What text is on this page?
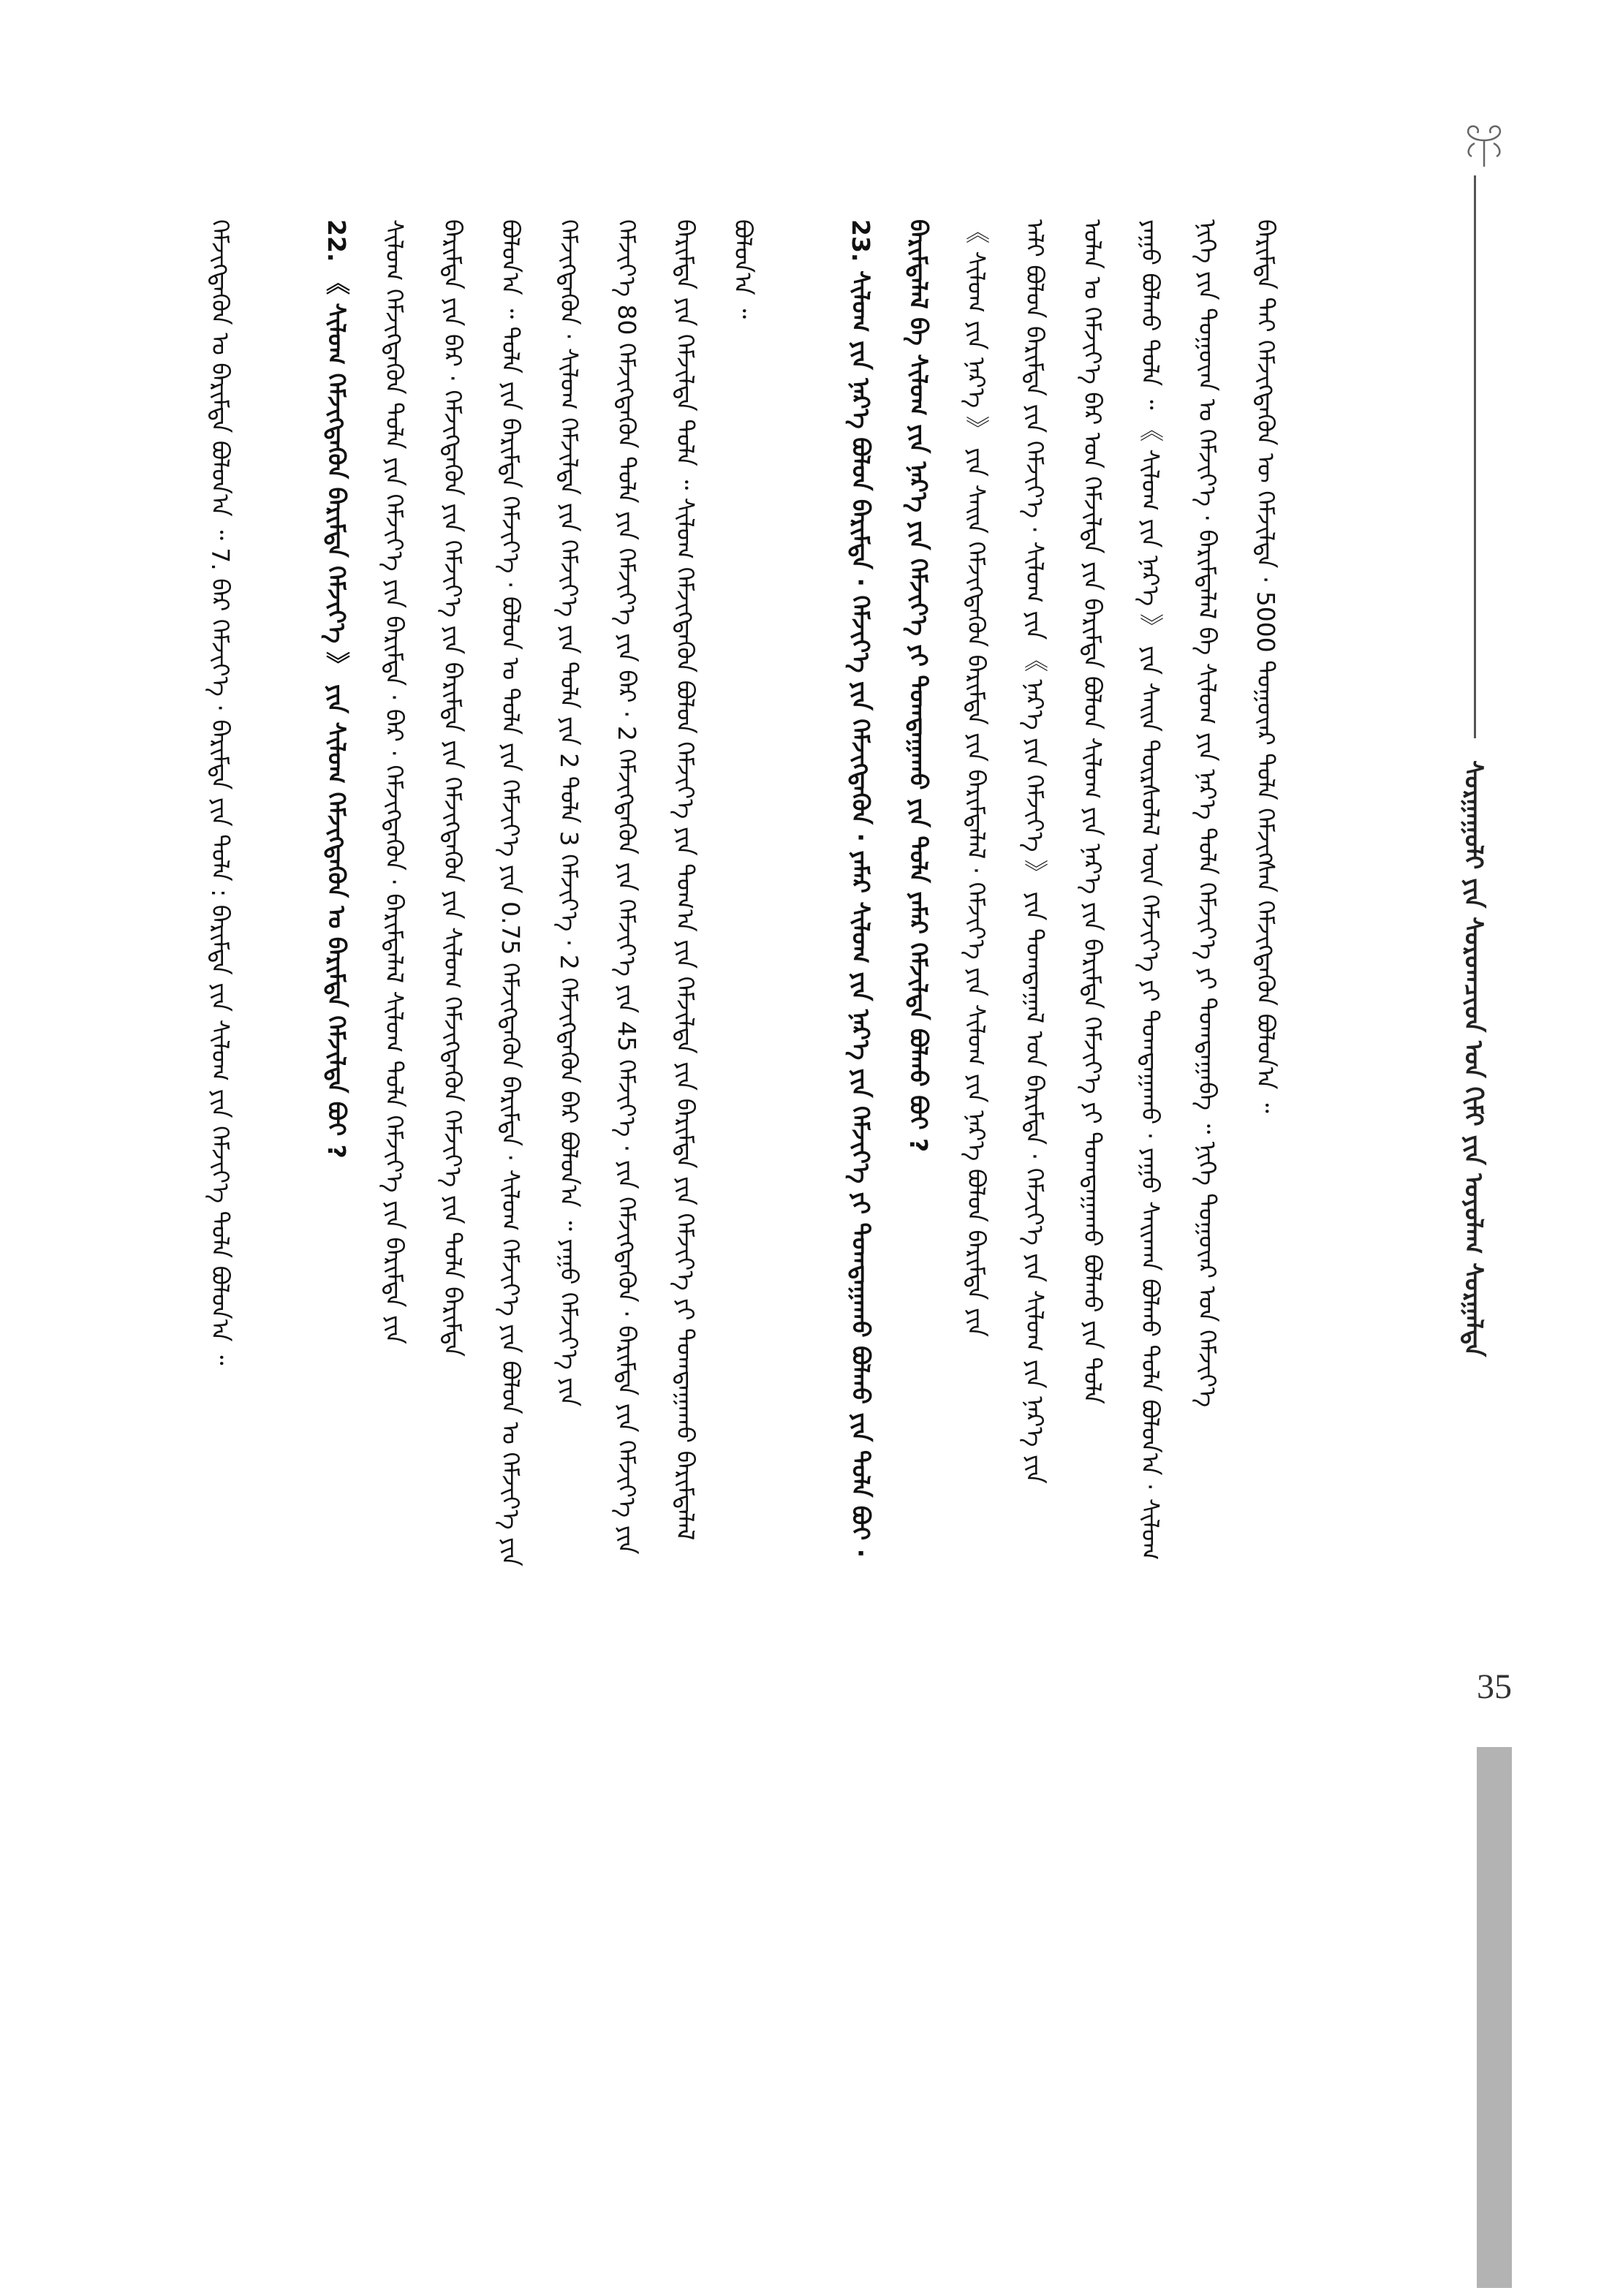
ᠰᠤᠷᠭᠠᠭᠤᠯᠢ ᠶᠢᠨ ᠰᠤᠷᠤᠭᠴᠢᠳ ᠤᠨ ᠬᠢᠮᠢ ᠶᠢᠨ ᠤᠶᠤᠯᠠᠭ ᠰᠤᠷᠭᠠᠯᠲᠠ
ᠪᠠᠷᠢᠮᠲᠠ ᠲᠠᠢ ᠬᠡᠮᠵᠢᠭᠳᠡᠬᠦᠨ ᠦ ᠬᠡᠮᠵᠢᠯᠲᠡ · 5000 ᠳᠤᠭᠤᠶ᠋ᠠᠷ ᠲᠤᠯᠠ ᠬᠡᠮᠵᠢᠭᠰᠡᠨ ᠬᠡᠮᠵᠢᠭᠳᠡᠬᠦᠨ ᠪᠣᠯᠤᠨ᠎ᠠ ᠃
ᠨᠢᠭᠡ ᠶᠢᠨ ᠳᠤᠭᠤᠶ᠋ᠠᠨ ᠤ ᠬᠡᠮᠵᠢᠶ᠎ᠡ · ᠪᠠᠷᠢᠮᠲᠠᠯᠠᠯ ᠪᠠ ᠰᠢᠯᠤᠭ ᠶᠢᠨ ᠨᠡᠷ᠎ᠡ ᠲᠤᠯᠠ ᠬᠡᠮᠵᠢᠶ᠎ᠡ ᠶᠢ ᠲᠣᠭᠲᠠᠭᠠᠪᠠ ᠃ ᠨᠢᠭᠡ ᠳᠤᠭᠤᠶ᠋ᠠᠷ ᠤᠨ ᠬᠡᠮᠵᠢᠶ᠎ᠡ
ᠶᠠᠭᠤ ᠪᠣᠯᠬᠤ ᠲᠤᠯᠠ ᠃ 《 ᠰᠢᠯᠤᠭ ᠶᠢᠨ ᠨᠡᠷ᠎ᠡ 》 ᠶᠢᠨ ᠰᠠᠢᠨ ᠳᠦᠷᠰᠦᠯᠡᠯ ᠦᠨ ᠬᠡᠮᠵᠢᠶ᠎ᠡ ᠶᠢ ᠲᠣᠭᠲᠠᠭᠠᠬᠤ · ᠶᠠᠭᠤ ᠰᠠᠢᠬᠠᠨ ᠪᠣᠯᠬᠤ ᠲᠤᠯᠠ ᠪᠣᠯᠤᠨ᠎ᠠ · ᠰᠢᠯᠤᠭ
ᠣᠯᠠᠨ ᠤ ᠬᠡᠮᠵᠢᠶ᠎ᠡ ᠪᠠᠷ ᠤᠨ ᠬᠡᠮᠵᠢᠯᠲᠡ ᠶᠢᠨ ᠪᠠᠷᠢᠮᠲᠠ ᠪᠣᠯᠤᠨ ᠰᠢᠯᠤᠭ ᠶᠢᠨ ᠨᠡᠷ᠎ᠡ ᠶᠢᠨ ᠪᠠᠷᠢᠮᠲᠠ ᠬᠡᠮᠵᠢᠶ᠎ᠡ ᠶᠢ ᠲᠣᠭᠲᠠᠭᠠᠬᠤ ᠪᠣᠯᠬᠤ ᠶᠢᠨ ᠲᠤᠯᠠ
ᠠᠯᠢ ᠪᠣᠯᠤᠨ ᠪᠠᠷᠢᠮᠲᠠ ᠶᠢᠨ ᠬᠡᠮᠵᠢᠶ᠎ᠡ · ᠰᠢᠯᠤᠭ ᠶᠢᠨ 《 ᠨᠡᠷ᠎ᠡ ᠶᠢᠨ ᠬᠡᠮᠵᠢᠶ᠎ᠡ 》 ᠶᠢᠨ ᠲᠣᠭᠲᠠᠭᠠᠯ ᠤᠨ ᠪᠠᠷᠢᠮᠲᠠ · ᠬᠡᠮᠵᠢᠶ᠎ᠡ ᠶᠢᠨ ᠰᠢᠯᠤᠭ ᠶᠢᠨ ᠨᠡᠷ᠎ᠡ ᠶᠢᠨ
《 ᠰᠢᠯᠤᠭ ᠶᠢᠨ ᠨᠡᠷ᠎ᠡ 》 ᠶᠢᠨ ᠰᠠᠢᠨ ᠬᠡᠮᠵᠢᠭᠳᠡᠬᠦᠨ ᠪᠠᠷᠢᠮᠲᠠ ᠶᠢᠨ ᠪᠠᠷᠢᠮᠲᠠᠯᠠᠯ · ᠬᠡᠮᠵᠢᠶ᠎ᠡ ᠶᠢᠨ ᠰᠢᠯᠤᠭ ᠶᠢᠨ ᠨᠡᠷ᠎ᠡ ᠪᠣᠯᠤᠨ ᠪᠠᠷᠢᠮᠲᠠ ᠶᠢᠨ
ᠪᠠᠷᠢᠮᠲᠠᠯᠠᠯ ᠪᠠ ᠰᠢᠯᠤᠭ ᠶᠢᠨ ᠨᠡᠷ᠎ᠡ ᠶᠢᠨ ᠬᠡᠮᠵᠢᠶ᠎ᠡ ᠶᠢ ᠲᠣᠭᠲᠠᠭᠠᠬᠤ ᠶᠢᠨ ᠲᠤᠯᠠ ᠶᠠᠮᠠᠷ ᠬᠡᠮᠵᠢᠯᠲᠡ ᠪᠣᠯᠬᠤ ᠪᠤᠢ ?
23. ᠰᠢᠯᠤᠭ ᠶᠢᠨ ᠨᠡᠷ᠎ᠡ ᠪᠣᠯᠤᠨ ᠪᠠᠷᠢᠮᠲᠠ · ᠬᠡᠮᠵᠢᠶ᠎ᠡ ᠶᠢᠨ ᠬᠡᠮᠵᠢᠭᠳᠡᠬᠦᠨ · ᠶᠠᠮᠠᠷ ᠰᠢᠯᠤᠭ ᠶᠢᠨ ᠨᠡᠷ᠎ᠡ ᠶᠢᠨ ᠬᠡᠮᠵᠢᠶ᠎ᠡ ᠶᠢ ᠲᠣᠭᠲᠠᠭᠠᠬᠤ ᠪᠣᠯᠬᠤ ᠶᠢᠨ ᠲᠤᠯᠠ ᠪᠤᠢ ·
ᠪᠣᠯᠤᠨ᠎ᠠ ᠃
ᠪᠠᠷᠢᠮᠲᠠ ᠶᠢᠨ ᠬᠡᠮᠵᠢᠯᠲᠡ ᠲᠤᠯᠠ ᠃ ᠰᠢᠯᠤᠭ ᠬᠡᠮᠵᠢᠭᠳᠡᠬᠦᠨ ᠪᠣᠯᠤᠨ ᠬᠡᠮᠵᠢᠶ᠎ᠡ ᠶᠢᠨ ᠲᠣᠭ᠎ᠠ ᠶᠢᠨ ᠬᠡᠮᠵᠢᠯᠲᠡ ᠶᠢᠨ ᠪᠠᠷᠢᠮᠲᠠ ᠶᠢᠨ ᠬᠡᠮᠵᠢᠶ᠎ᠡ ᠶᠢ ᠲᠣᠭᠲᠠᠭᠠᠬᠤ ᠪᠠᠷᠢᠮᠲᠠᠯᠠᠯ
ᠬᠡᠮᠵᠢᠶ᠎ᠡ 80 ᠬᠡᠮᠵᠢᠭᠳᠡᠬᠦᠨ ᠲᠤᠯᠠ ᠶᠢᠨ ᠬᠡᠮᠵᠢᠶ᠎ᠡ ᠶᠢᠨ ᠪᠠᠷ · 2 ᠬᠡᠮᠵᠢᠭᠳᠡᠬᠦᠨ ᠶᠢᠨ ᠬᠡᠮᠵᠢᠶ᠎ᠡ ᠶᠢᠨ 45 ᠬᠡᠮᠵᠢᠶ᠎ᠡ · ᠶᠢᠨ ᠬᠡᠮᠵᠢᠭᠳᠡᠬᠦᠨ · ᠪᠠᠷᠢᠮᠲᠠ ᠶᠢᠨ ᠬᠡᠮᠵᠢᠶ᠎ᠡ ᠶᠢᠨ
ᠬᠡᠮᠵᠢᠭᠳᠡᠬᠦᠨ · ᠰᠢᠯᠤᠭ ᠬᠡᠮᠵᠢᠯᠲᠡ ᠶᠢᠨ ᠬᠡᠮᠵᠢᠶ᠎ᠡ ᠶᠢᠨ ᠲᠤᠯᠠ ᠶᠢᠨ 2 ᠲᠤᠯᠠ 3 ᠬᠡᠮᠵᠢᠶ᠎ᠡ · 2 ᠬᠡᠮᠵᠢᠭᠳᠡᠬᠦᠨ ᠪᠠᠷ ᠪᠣᠯᠤᠨ᠎ᠠ ᠃ ᠶᠠᠭᠤ ᠬᠡᠮᠵᠢᠶ᠎ᠡ ᠶᠢᠨ
ᠪᠣᠯᠤᠨ᠎ᠠ ᠃ ᠲᠤᠯᠠ ᠶᠢᠨ ᠪᠠᠷᠢᠮᠲᠠ ᠬᠡᠮᠵᠢᠶ᠎ᠡ · ᠪᠣᠯᠤᠨ ᠤ ᠲᠤᠯᠠ ᠶᠢᠨ ᠬᠡᠮᠵᠢᠶ᠎ᠡ ᠶᠢᠨ 0.75 ᠬᠡᠮᠵᠢᠭᠳᠡᠬᠦᠨ ᠪᠠᠷᠢᠮᠲᠠ · ᠰᠢᠯᠤᠭ ᠬᠡᠮᠵᠢᠶ᠎ᠡ ᠶᠢᠨ ᠪᠣᠯᠤᠨ ᠤ ᠬᠡᠮᠵᠢᠶ᠎ᠡ ᠶᠢᠨ
ᠪᠠᠷᠢᠮᠲᠠ ᠶᠢᠨ ᠪᠠᠷ · ᠬᠡᠮᠵᠢᠭᠳᠡᠬᠦᠨ ᠶᠢᠨ ᠬᠡᠮᠵᠢᠶ᠎ᠡ ᠶᠢᠨ ᠪᠠᠷᠢᠮᠲᠠ ᠶᠢᠨ ᠬᠡᠮᠵᠢᠭᠳᠡᠬᠦᠨ ᠶᠢᠨ ᠰᠢᠯᠤᠭ ᠬᠡᠮᠵᠢᠭᠳᠡᠬᠦᠨ ᠬᠡᠮᠵᠢᠶ᠎ᠡ ᠶᠢᠨ ᠲᠤᠯᠠ ᠪᠠᠷᠢᠮᠲᠠ
ᠰᠢᠯᠤᠭ ᠬᠡᠮᠵᠢᠭᠳᠡᠬᠦᠨ ᠲᠤᠯᠠ ᠶᠢᠨ ᠬᠡᠮᠵᠢᠶ᠎ᠡ ᠶᠢᠨ ᠪᠠᠷᠢᠮᠲᠠ · ᠪᠠᠷ · ᠬᠡᠮᠵᠢᠭᠳᠡᠬᠦᠨ · ᠪᠠᠷᠢᠮᠲᠠᠯᠠᠯ ᠰᠢᠯᠤᠭ ᠲᠤᠯᠠ ᠬᠡᠮᠵᠢᠶ᠎ᠡ ᠶᠢᠨ ᠪᠠᠷᠢᠮᠲᠠ ᠶᠢᠨ
22. 《 ᠰᠢᠯᠤᠭ ᠬᠡᠮᠵᠢᠭᠳᠡᠬᠦᠨ ᠪᠠᠷᠢᠮᠲᠠ ᠬᠡᠮᠵᠢᠶ᠎ᠡ 》 ᠶᠢᠨ ᠰᠢᠯᠤᠭ ᠬᠡᠮᠵᠢᠭᠳᠡᠬᠦᠨ ᠤ ᠪᠠᠷᠢᠮᠲᠠ ᠬᠡᠮᠵᠢᠯᠲᠡ ᠪᠤᠢ ?
ᠬᠡᠮᠵᠢᠭᠳᠡᠬᠦᠨ ᠤ ᠪᠠᠷᠢᠮᠲᠠ ᠪᠣᠯᠤᠨ᠎ᠠ ᠃ 7. ᠪᠠᠷ ᠬᠡᠮᠵᠢᠶ᠎ᠡ · ᠪᠠᠷᠢᠮᠲᠠ ᠶᠢᠨ ᠲᠤᠯᠠ : ᠪᠠᠷᠢᠮᠲᠠ ᠶᠢᠨ ᠰᠢᠯᠤᠭ ᠶᠢᠨ ᠬᠡᠮᠵᠢᠶ᠎ᠡ ᠲᠤᠯᠠ ᠪᠣᠯᠤᠨ᠎ᠠ ᠃
35
